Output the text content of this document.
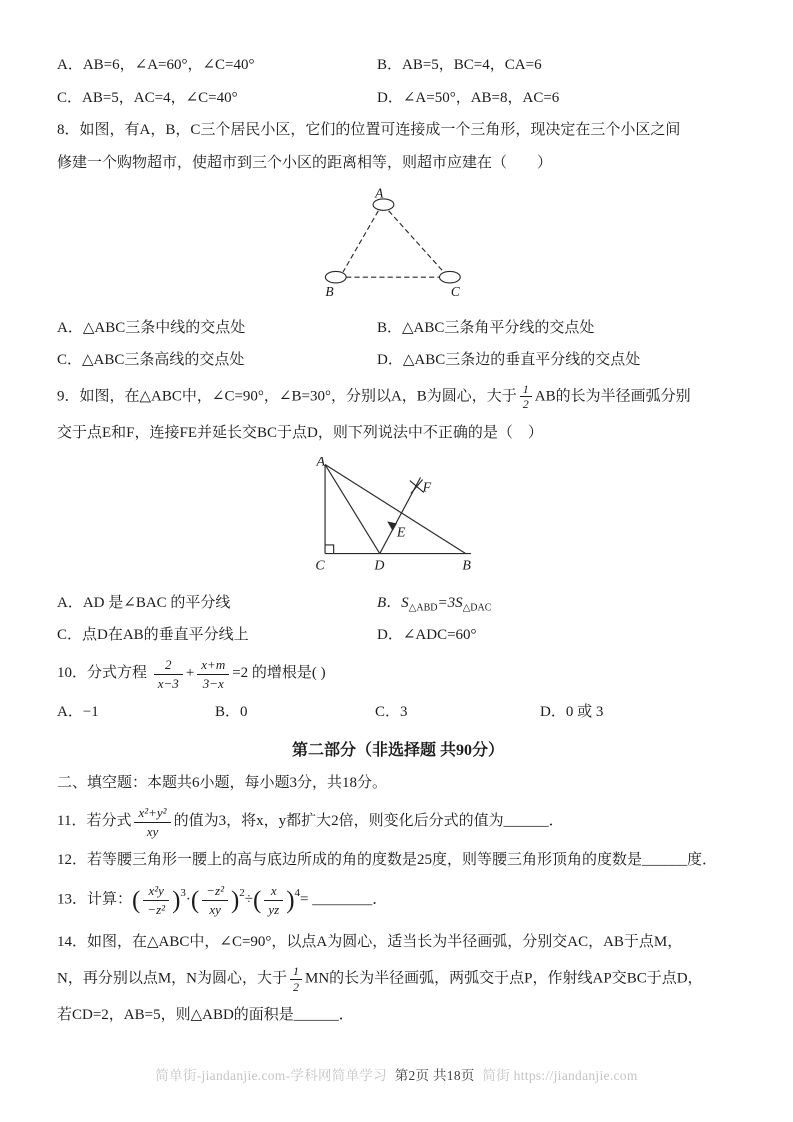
A．AB=6，∠A=60°，∠C=40°	B．AB=5，BC=4，CA=6
C．AB=5，AC=4，∠C=40°	D．∠A=50°，AB=8，AC=6
8．如图，有A，B，C三个居民小区，它们的位置可连接成一个三角形，现决定在三个小区之间
修建一个购物超市，使超市到三个小区的距离相等，则超市应建在（　　）
A
B	C
A．△ABC三条中线的交点处	B．△ABC三条角平分线的交点处
C．△ABC三条高线的交点处	D．△ABC三条边的垂直平分线的交点处
9．如图，在△ABC中，∠C=90°，∠B=30°，分别以A，B为圆心，大于 $\frac{1}{2}$ AB的长为半径画弧分别
交于点E和F，连接FE并延长交BC于点D，则下列说法中不正确的是（　）
A
C	D	B
E
F
A．AD 是∠BAC 的平分线	B．$S_{\triangle ABD}=3S_{\triangle DAC}$
C．点D在AB的垂直平分线上	D．∠ADC=60°
10．分式方程 $\frac{2}{x-3} + \frac{x+m}{3-x} =2$ 的增根是( )
A．−1	B．0	C．3	D．0 或 3
第二部分（非选择题 共90分）
二、填空题：本题共6小题，每小题3分，共18分。
11．若分式 $\frac{\text{x²+y²}}{xy}$ 的值为3，将x，y都扩大2倍，则变化后分式的值为______．
12．若等腰三角形一腰上的高与底边所成的角的度数是25度，则等腰三角形顶角的度数是______度．
13．计算：( $\frac{\text{x²y}}{\text{−z²}} )^3\cdot( \frac{\text{−z²}}{xy} )^2\div( \frac{x}{yz} )^4=$ ________．
14．如图，在△ABC中，∠C=90°，以点A为圆心，适当长为半径画弧，分别交AC，AB于点M，
N，再分别以点M，N为圆心，大于 $\frac{1}{2}$ MN的长为半径画弧，两弧交于点P，作射线AP交BC于点D，
若CD=2，AB=5，则△ABD的面积是______．
简单街-jiandanjie.com-学科网简单学习 第2页 共18页 简街 https://jiandanjie.com
